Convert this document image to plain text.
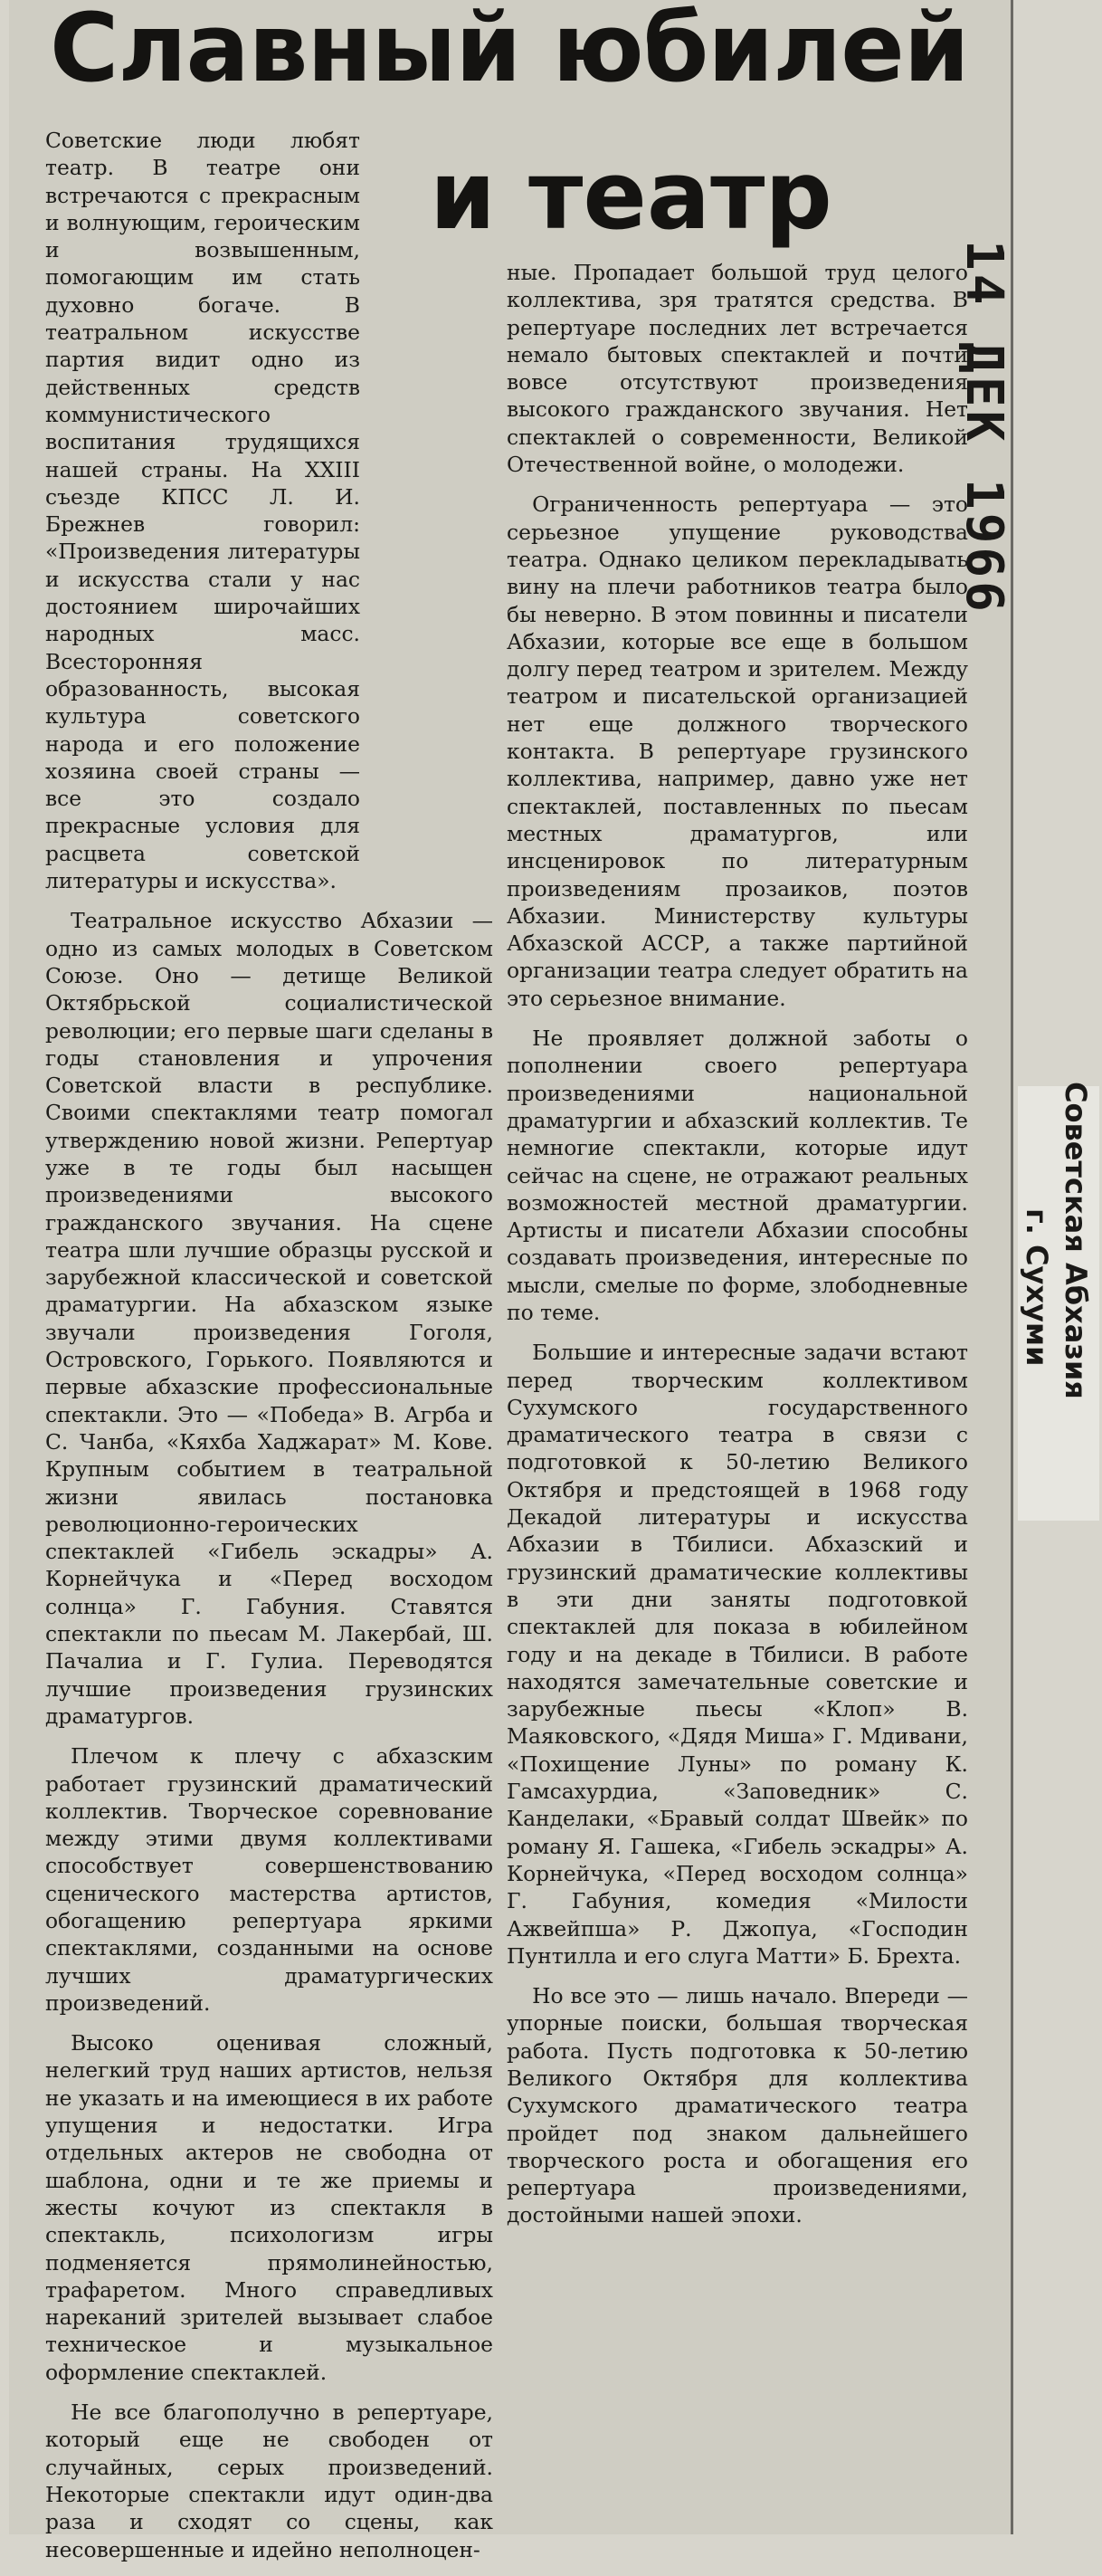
Славный юбилей
и театр

Советские люди любят театр. В театре они встречаются с прекрасным и волнующим, героическим и возвышенным, помогающим им стать духовно богаче. В театральном искусстве партия видит одно из действенных средств коммунистического воспитания трудящихся нашей страны. На XXIII съезде КПСС Л. И. Брежнев говорил: «Произведения литературы и искусства стали у нас достоянием широчайших народных масс. Всесторонняя образованность, высокая культура советского народа и его положение хозяина своей страны — все это создало прекрасные условия для расцвета советской литературы и искусства».

Театральное искусство Абхазии — одно из самых молодых в Советском Союзе. Оно — детище Великой Октябрьской социалистической революции; его первые шаги сделаны в годы становления и упрочения Советской власти в республике. Своими спектаклями театр помогал утверждению новой жизни. Репертуар уже в те годы был насыщен произведениями высокого гражданского звучания. На сцене театра шли лучшие образцы русской и зарубежной классической и советской драматургии. На абхазском языке звучали произведения Гоголя, Островского, Горького. Появляются и первые абхазские профессиональные спектакли. Это — «Победа» В. Агрба и С. Чанба, «Кяхба Хаджарат» М. Кове. Крупным событием в театральной жизни явилась постановка революционно-героических спектаклей «Гибель эскадры» А. Корнейчука и «Перед восходом солнца» Г. Габуния. Ставятся спектакли по пьесам М. Лакербай, Ш. Пачалиа и Г. Гулиа. Переводятся лучшие произведения грузинских драматургов.

Плечом к плечу с абхазским работает грузинский драматический коллектив. Творческое соревнование между этими двумя коллективами способствует совершенствованию сценического мастерства артистов, обогащению репертуара яркими спектаклями, созданными на основе лучших драматургических произведений.

Высоко оценивая сложный, нелегкий труд наших артистов, нельзя не указать и на имеющиеся в их работе упущения и недостатки. Игра отдельных актеров не свободна от шаблона, одни и те же приемы и жесты кочуют из спектакля в спектакль, психологизм игры подменяется прямолинейностью, трафаретом. Много справедливых нареканий зрителей вызывает слабое техническое и музыкальное оформление спектаклей.

Не все благополучно в репертуаре, который еще не свободен от случайных, серых произведений. Некоторые спектакли идут один-два раза и сходят со сцены, как несовершенные и идейно неполноцен-

ные. Пропадает большой труд целого коллектива, зря тратятся средства. В репертуаре последних лет встречается немало бытовых спектаклей и почти вовсе отсутствуют произведения высокого гражданского звучания. Нет спектаклей о современности, Великой Отечественной войне, о молодежи.

Ограниченность репертуара — это серьезное упущение руководства театра. Однако целиком перекладывать вину на плечи работников театра было бы неверно. В этом повинны и писатели Абхазии, которые все еще в большом долгу перед театром и зрителем. Между театром и писательской организацией нет еще должного творческого контакта. В репертуаре грузинского коллектива, например, давно уже нет спектаклей, поставленных по пьесам местных драматургов, или инсценировок по литературным произведениям прозаиков, поэтов Абхазии. Министерству культуры Абхазской АССР, а также партийной организации театра следует обратить на это серьезное внимание.

Не проявляет должной заботы о пополнении своего репертуара произведениями национальной драматургии и абхазский коллектив. Те немногие спектакли, которые идут сейчас на сцене, не отражают реальных возможностей местной драматургии. Артисты и писатели Абхазии способны создавать произведения, интересные по мысли, смелые по форме, злободневные по теме.

Большие и интересные задачи встают перед творческим коллективом Сухумского государственного драматического театра в связи с подготовкой к 50-летию Великого Октября и предстоящей в 1968 году Декадой литературы и искусства Абхазии в Тбилиси. Абхазский и грузинский драматические коллективы в эти дни заняты подготовкой спектаклей для показа в юбилейном году и на декаде в Тбилиси. В работе находятся замечательные советские и зарубежные пьесы «Клоп» В. Маяковского, «Дядя Миша» Г. Мдивани, «Похищение Луны» по роману К. Гамсахурдиа, «Заповедник» С. Канделаки, «Бравый солдат Швейк» по роману Я. Гашека, «Гибель эскадры» А. Корнейчука, «Перед восходом солнца» Г. Габуния, комедия «Милости Ажвейпша» Р. Джопуа, «Господин Пунтилла и его слуга Матти» Б. Брехта.

Но все это — лишь начало. Впереди — упорные поиски, большая творческая работа. Пусть подготовка к 50-летию Великого Октября для коллектива Сухумского драматического театра пройдет под знаком дальнейшего творческого роста и обогащения его репертуара произведениями, достойными нашей эпохи.

14 ДЕК 1966
Советская Абхазия
г. Сухуми
